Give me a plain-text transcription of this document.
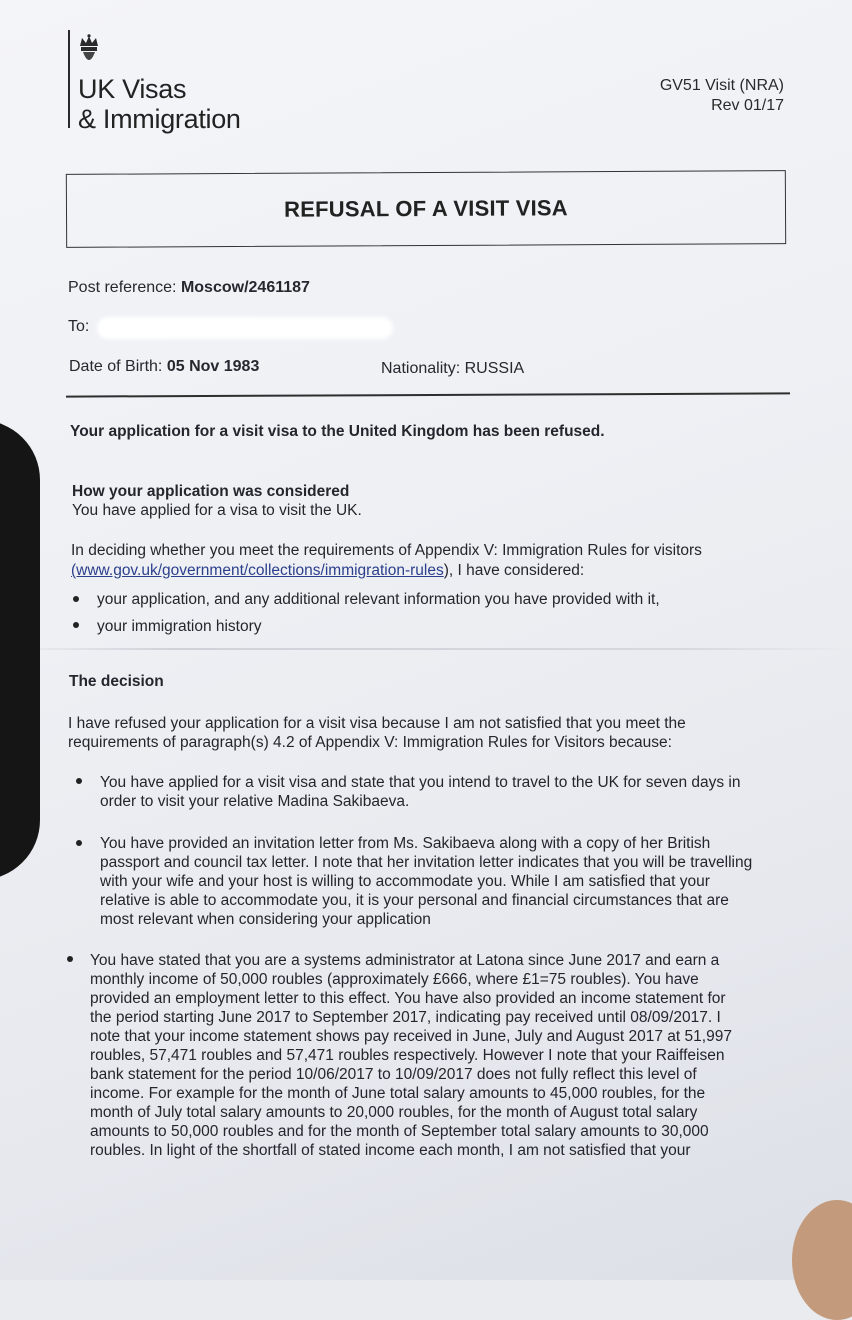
UK Visas
& Immigration
GV51 Visit (NRA)
Rev 01/17
REFUSAL OF A VISIT VISA
Post reference: Moscow/2461187
To:
Date of Birth: 05 Nov 1983	Nationality: RUSSIA
Your application for a visit visa to the United Kingdom has been refused.
How your application was considered
You have applied for a visa to visit the UK.
In deciding whether you meet the requirements of Appendix V: Immigration Rules for visitors
(www.gov.uk/government/collections/immigration-rules), I have considered:
your application, and any additional relevant information you have provided with it,
your immigration history
The decision

I have refused your application for a visit visa because I am not satisfied that you meet the

requirements of paragraph(s) 4.2 of Appendix V: Immigration Rules for Visitors because:

You have applied for a visit visa and state that you intend to travel to the UK for seven days in

order to visit your relative Madina Sakibaeva.

You have provided an invitation letter from Ms. Sakibaeva along with a copy of her British

passport and council tax letter. I note that her invitation letter indicates that you will be travelling

with your wife and your host is willing to accommodate you. While I am satisfied that your

relative is able to accommodate you, it is your personal and financial circumstances that are

most relevant when considering your application

You have stated that you are a systems administrator at Latona since June 2017 and earn a

monthly income of 50,000 roubles (approximately £666, where £1=75 roubles). You have

provided an employment letter to this effect. You have also provided an income statement for

the period starting June 2017 to September 2017, indicating pay received until 08/09/2017. I

note that your income statement shows pay received in June, July and August 2017 at 51,997

roubles, 57,471 roubles and 57,471 roubles respectively. However I note that your Raiffeisen

bank statement for the period 10/06/2017 to 10/09/2017 does not fully reflect this level of

income. For example for the month of June total salary amounts to 45,000 roubles, for the

month of July total salary amounts to 20,000 roubles, for the month of August total salary

amounts to 50,000 roubles and for the month of September total salary amounts to 30,000

roubles. In light of the shortfall of stated income each month, I am not satisfied that your
